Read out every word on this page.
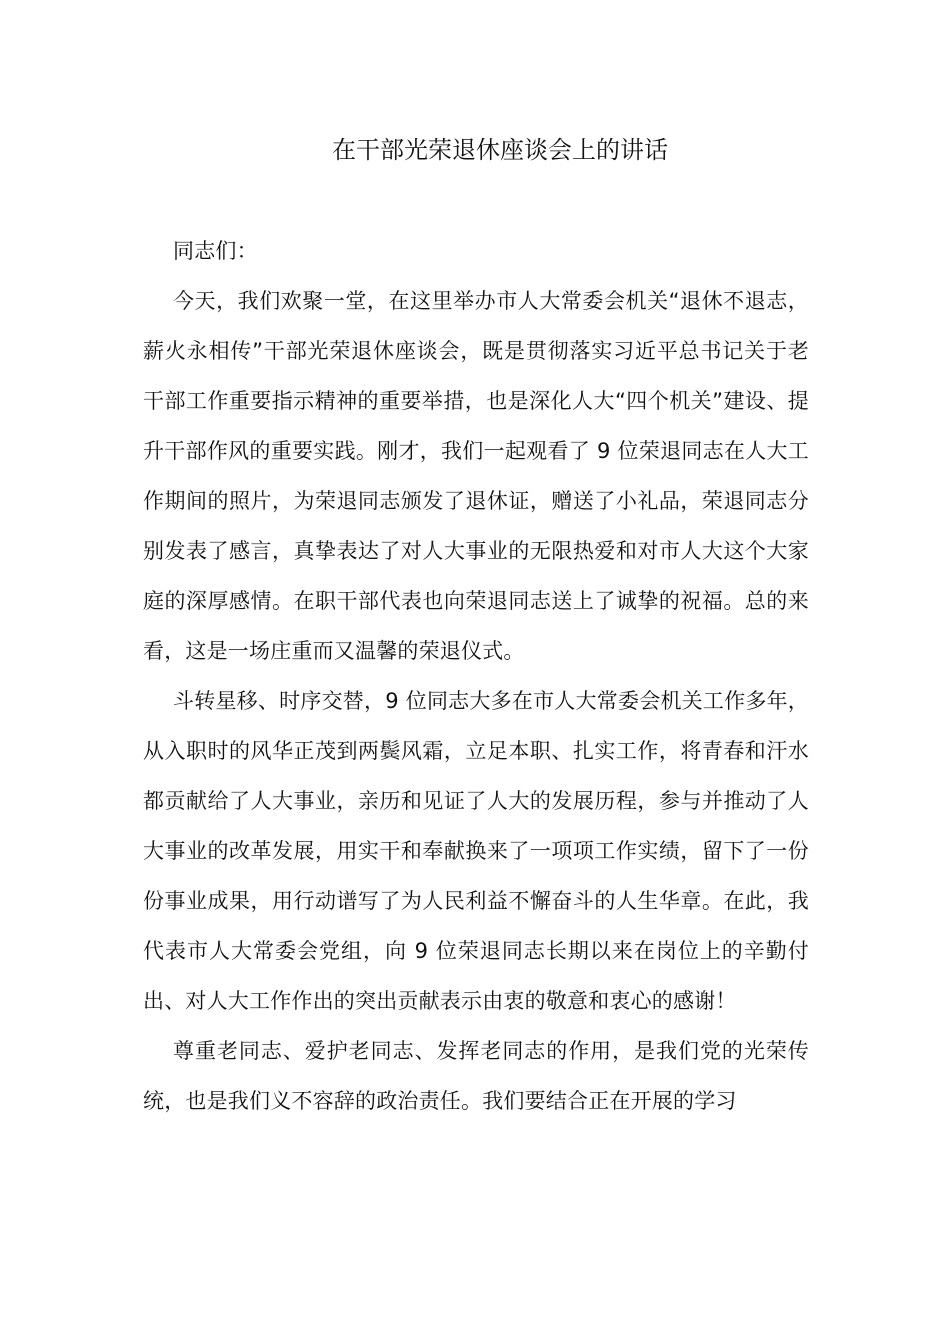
在干部光荣退休座谈会上的讲话

同志们：

今天，我们欢聚一堂，在这里举办市人大常委会机关“退休不退志，薪火永相传”干部光荣退休座谈会，既是贯彻落实习近平总书记关于老干部工作重要指示精神的重要举措，也是深化人大“四个机关”建设、提升干部作风的重要实践。刚才，我们一起观看了 9 位荣退同志在人大工作期间的照片，为荣退同志颁发了退休证，赠送了小礼品，荣退同志分别发表了感言，真挚表达了对人大事业的无限热爱和对市人大这个大家庭的深厚感情。在职干部代表也向荣退同志送上了诚挚的祝福。总的来看，这是一场庄重而又温馨的荣退仪式。

斗转星移、时序交替，9 位同志大多在市人大常委会机关工作多年，从入职时的风华正茂到两鬓风霜，立足本职、扎实工作，将青春和汗水都贡献给了人大事业，亲历和见证了人大的发展历程，参与并推动了人大事业的改革发展，用实干和奉献换来了一项项工作实绩，留下了一份份事业成果，用行动谱写了为人民利益不懈奋斗的人生华章。在此，我代表市人大常委会党组，向 9 位荣退同志长期以来在岗位上的辛勤付出、对人大工作作出的突出贡献表示由衷的敬意和衷心的感谢！

尊重老同志、爱护老同志、发挥老同志的作用，是我们党的光荣传统，也是我们义不容辞的政治责任。我们要结合正在开展的学习
